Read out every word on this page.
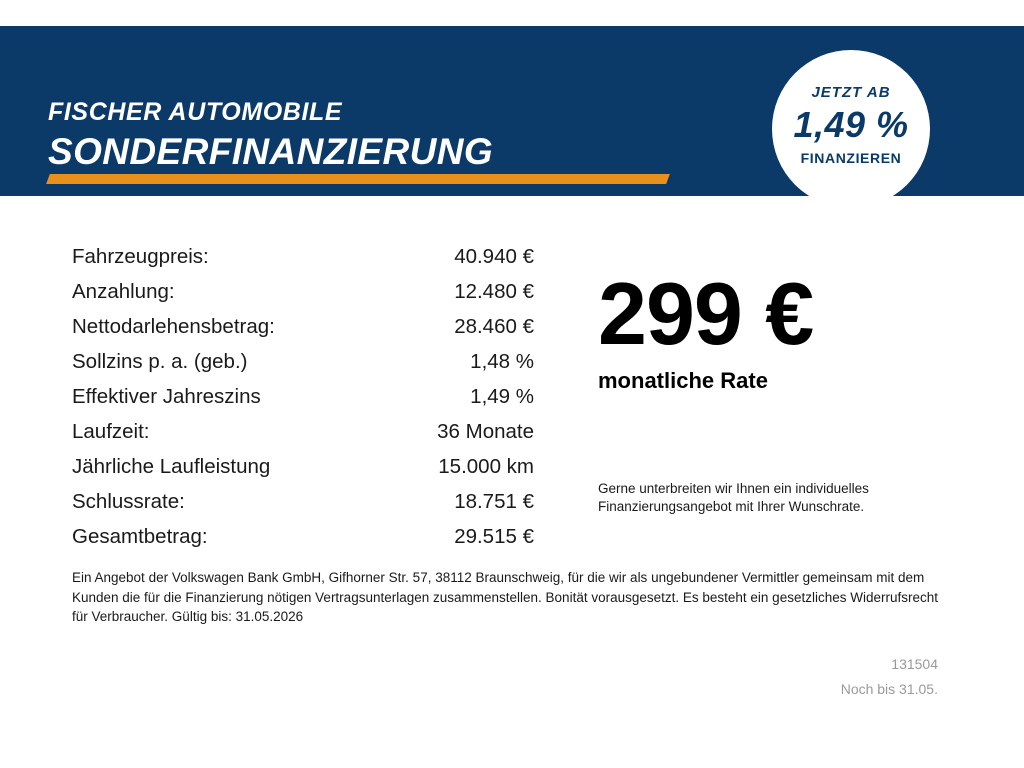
FISCHER AUTOMOBILE
SONDERFINANZIERUNG
JETZT AB
1,49 %
FINANZIEREN
Fahrzeugpreis:	40.940 €
Anzahlung:	12.480 €
Nettodarlehensbetrag:	28.460 €
Sollzins p. a. (geb.)	1,48 %
Effektiver Jahreszins	1,49 %
Laufzeit:	36 Monate
Jährliche Laufleistung	15.000 km
Schlussrate:	18.751 €
Gesamtbetrag:	29.515 €
299 €
monatliche Rate
Gerne unterbreiten wir Ihnen ein individuelles Finanzierungsangebot mit Ihrer Wunschrate.
Ein Angebot der Volkswagen Bank GmbH, Gifhorner Str. 57, 38112 Braunschweig, für die wir als ungebundener Vermittler gemeinsam mit dem Kunden die für die Finanzierung nötigen Vertragsunterlagen zusammenstellen. Bonität vorausgesetzt. Es besteht ein gesetzliches Widerrufsrecht für Verbraucher. Gültig bis: 31.05.2026
131504
Noch bis 31.05.
